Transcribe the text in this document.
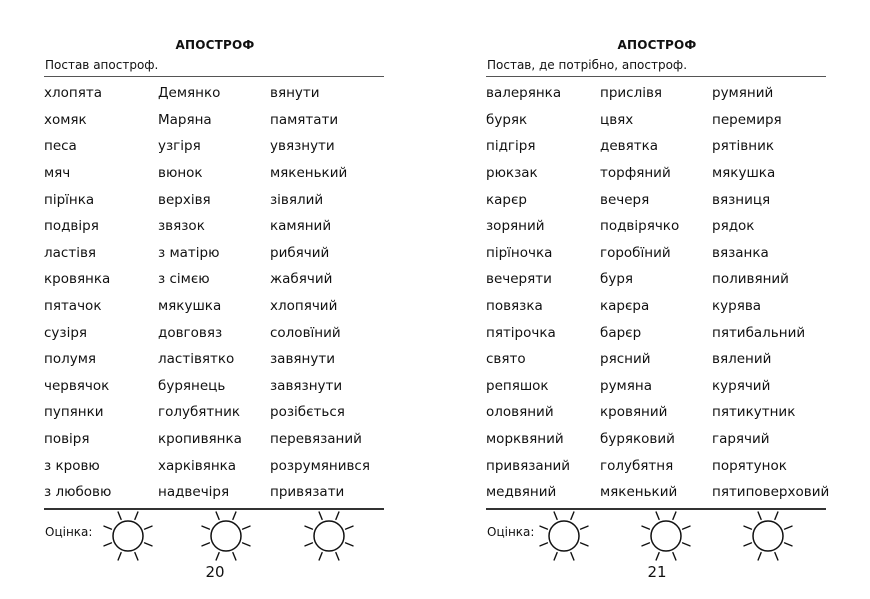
АПОСТРОФ
Постав апостроф.
хлопята	Демянко	вянути
хомяк	Маряна	памятати
песа	узгіря	увязнути
мяч	вюнок	мякенький
пірїнка	верхівя	зівялий
подвіря	звязок	камяний
ластівя	з матірю	рибячий
кровянка	з сімєю	жабячий
пятачок	мякушка	хлопячий
сузіря	довговяз	соловїний
полумя	ластівятко	завянути
червячок	бурянець	завязнути
пупянки	голубятник	розібється
повіря	кропивянка	перевязаний
з кровю	харківянка	розрумянився
з любовю	надвечіря	привязати
Оцінка:
20
АПОСТРОФ
Постав, де потрібно, апостроф.
валерянка	прислівя	румяний
буряк	цвях	перемиря
підгіря	девятка	рятівник
рюкзак	торфяний	мякушка
карєр	вечеря	вязниця
зоряний	подвірячко	рядок
пірїночка	горобїний	вязанка
вечеряти	буря	поливяний
повязка	карєра	курява
пятірочка	барєр	пятибальний
свято	рясний	вялений
репяшок	румяна	курячий
оловяний	кровяний	пятикутник
морквяний	буряковий	гарячий
привязаний	голубятня	порятунок
медвяний	мякенький	пятиповерховий
Оцінка:
21
